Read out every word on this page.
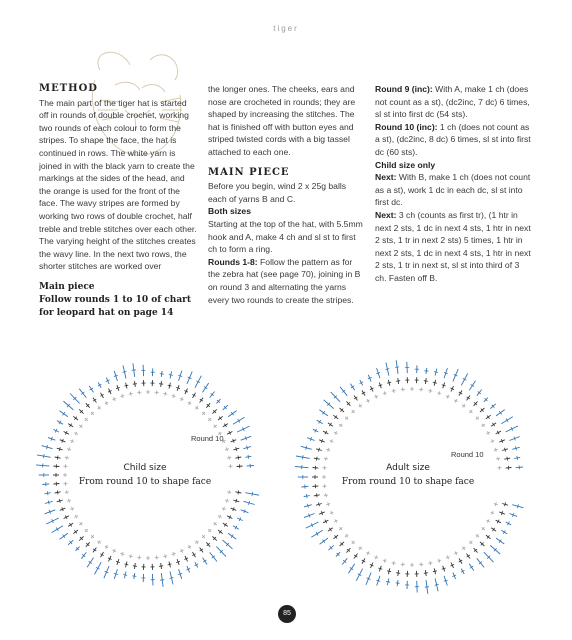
tiger

METHOD

The main part of the tiger hat is started off in rounds of double crochet, working two rounds of each colour to form the stripes. To shape the face, the hat is continued in rows. The white yarn is joined in with the black yarn to create the markings at the sides of the head, and the orange is used for the front of the face. The wavy stripes are formed by working two rows of double crochet, half treble and treble stitches over each other. The varying height of the stitches creates the wavy line. In the next two rows, the shorter stitches are worked over

Main piece

Follow rounds 1 to 10 of chart for leopard hat on page 14

the longer ones. The cheeks, ears and nose are crocheted in rounds; they are shaped by increasing the stitches. The hat is finished off with button eyes and striped twisted cords with a big tassel attached to each one.

MAIN PIECE

Before you begin, wind 2 x 25g balls each of yarns B and C.

Both sizes

Starting at the top of the hat, with 5.5mm hook and A, make 4 ch and sl st to first ch to form a ring.

Rounds 1-8: Follow the pattern as for the zebra hat (see page 70), joining in B on round 3 and alternating the yarns every two rounds to create the stripes.

Round 9 (inc): With A, make 1 ch (does not count as a st), (dc2inc, 7 dc) 6 times, sl st into first dc (54 sts).

Round 10 (inc): 1 ch (does not count as a st), (dc2inc, 8 dc) 6 times, sl st into first dc (60 sts).

Child size only

Next: With B, make 1 ch (does not count as a st), work 1 dc in each dc, sl st into first dc.

Next: 3 ch (counts as first tr), (1 htr in next 2 sts, 1 dc in next 4 sts, 1 htr in next 2 sts, 1 tr in next 2 sts) 5 times, 1 htr in next 2 sts, 1 dc in next 4 sts, 1 htr in next 2 sts, 1 tr in next st, sl st into third of 3 ch. Fasten off B.

Child size
From round 10 to shape face
Round 10
Adult size
From round 10 to shape face
Round 10
85
